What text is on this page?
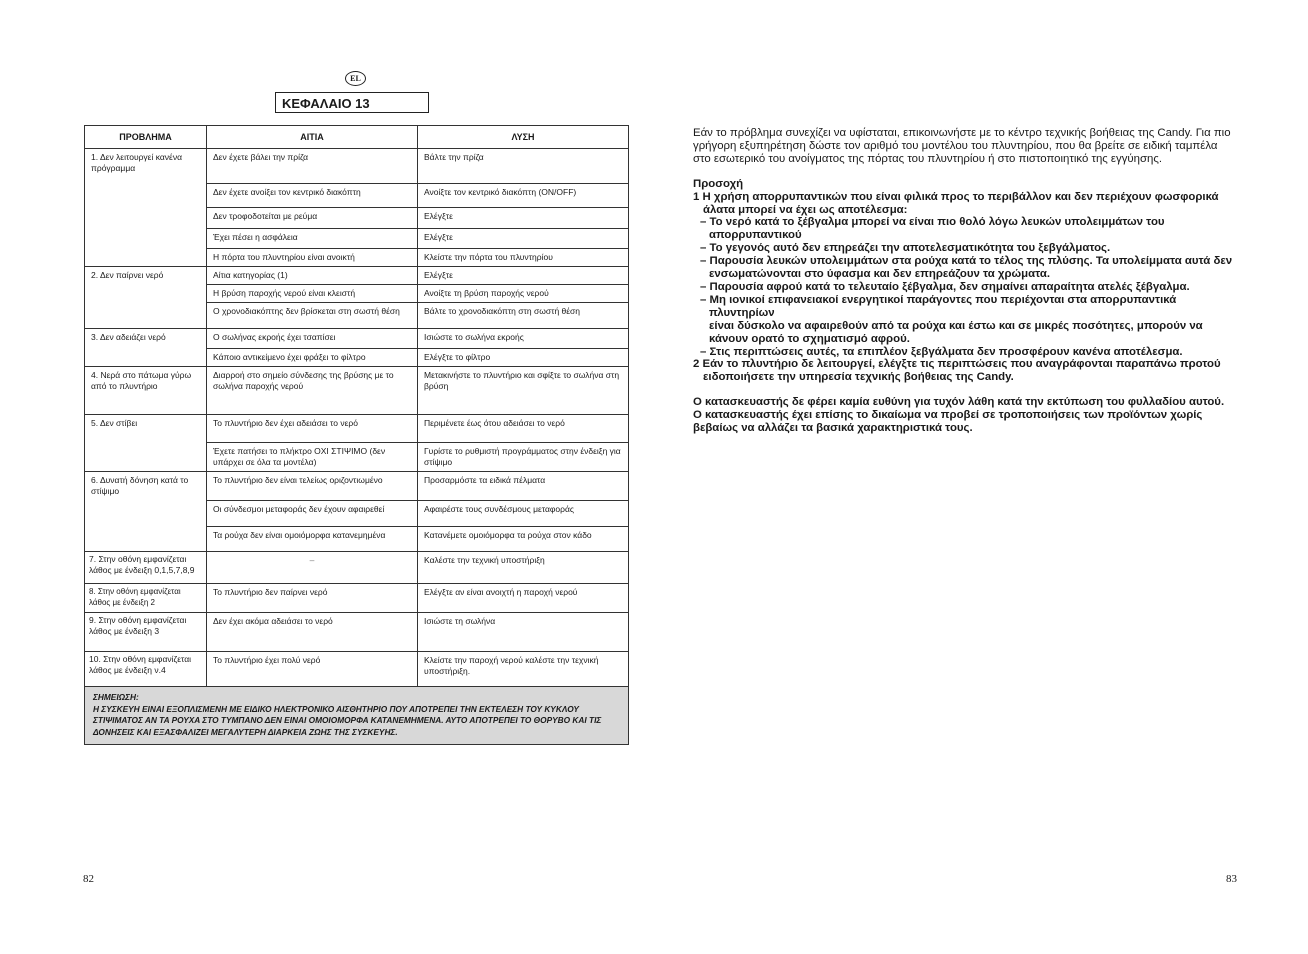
EL
ΚΕΦΑΛΑΙΟ 13
ΠΡΟΒΛΗΜΑ	ΑΙΤΙΑ	ΛΥΣΗ
1. Δεν λειτουργεί κανένα πρόγραμμα	Δεν έχετε βάλει την πρίζα	Βάλτε την πρίζα
	Δεν έχετε ανοίξει τον κεντρικό διακόπτη	Ανοίξτε τον κεντρικό διακόπτη (ON/OFF)
	Δεν τροφοδοτείται με ρεύμα	Ελέγξτε
	Έχει πέσει η ασφάλεια	Ελέγξτε
	Η πόρτα του πλυντηρίου είναι ανοικτή	Κλείστε την πόρτα του πλυντηρίου
2. Δεν παίρνει νερό	Αίτια κατηγορίας (1)	Ελέγξτε
	Η βρύση παροχής νερού είναι κλειστή	Ανοίξτε τη βρύση παροχής νερού
	Ο χρονοδιακόπτης δεν βρίσκεται στη σωστή θέση	Βάλτε το χρονοδιακόπτη στη σωστή θέση
3. Δεν αδειάζει νερό	Ο σωλήνας εκροής έχει τσαπίσει	Ισιώστε το σωλήνα εκροής
	Κάποιο αντικείμενο έχει φράξει το φίλτρο	Ελέγξτε το φίλτρο
4. Νερά στο πάτωμα γύρω από το πλυντήριο	Διαρροή στο σημείο σύνδεσης της βρύσης με το σωλήνα παροχής νερού	Μετακινήστε το πλυντήριο και σφίξτε το σωλήνα στη βρύση
5. Δεν στίβει	Το πλυντήριο δεν έχει αδειάσει το νερό	Περιμένετε έως ότου αδειάσει το νερό
	Έχετε πατήσει το πλήκτρο ΟΧΙ ΣΤΙΨΙΜΟ (δεν υπάρχει σε όλα τα μοντέλα)	Γυρίστε το ρυθμιστή προγράμματος στην ένδειξη για στίψιμο
6. Δυνατή δόνηση κατά το στίψιμο	Το πλυντήριο δεν είναι τελείως οριζοντιωμένο	Προσαρμόστε τα ειδικά πέλματα
	Οι σύνδεσμοι μεταφοράς δεν έχουν αφαιρεθεί	Αφαιρέστε τους συνδέσμους μεταφοράς
	Τα ρούχα δεν είναι ομοιόμορφα κατανεμημένα	Κατανέμετε ομοιόμορφα τα ρούχα στον κάδο
7. Στην οθόνη εμφανίζεται λάθος με ένδειξη 0,1,5,7,8,9	–	Καλέστε την τεχνική υποστήριξη
8. Στην οθόνη εμφανίζεται λάθος με ένδειξη 2	Το πλυντήριο δεν παίρνει νερό	Ελέγξτε αν είναι ανοιχτή η παροχή νερού
9. Στην οθόνη εμφανίζεται λάθος με ένδειξη 3	Δεν έχει ακόμα αδειάσει το νερό	Ισιώστε τη σωλήνα
10. Στην οθόνη εμφανίζεται λάθος με ένδειξη ν.4	Το πλυντήριο έχει πολύ νερό	Κλείστε την παροχή νερού καλέστε την τεχνική υποστήριξη.

ΣΗΜΕΙΩΣΗ:
Η ΣΥΣΚΕΥΗ ΕΙΝΑΙ ΕΞΟΠΛΙΣΜΕΝΗ ΜΕ ΕΙΔΙΚΟ ΗΛΕΚΤΡΟΝΙΚΟ ΑΙΣΘΗΤΗΡΙΟ ΠΟΥ ΑΠΟΤΡΕΠΕΙ ΤΗΝ ΕΚΤΕΛΕΣΗ ΤΟΥ ΚΥΚΛΟΥ ΣΤΙΨΙΜΑΤΟΣ ΑΝ ΤΑ ΡΟΥΧΑ ΣΤΟ ΤΥΜΠΑΝΟ ΔΕΝ ΕΙΝΑΙ ΟΜΟΙΟΜΟΡΦΑ ΚΑΤΑΝΕΜΗΜΕΝΑ. ΑΥΤΟ ΑΠΟΤΡΕΠΕΙ ΤΟ ΘΟΡΥΒΟ ΚΑΙ ΤΙΣ ΔΟΝΗΣΕΙΣ ΚΑΙ ΕΞΑΣΦΑΛΙΖΕΙ ΜΕΓΑΛΥΤΕΡΗ ΔΙΑΡΚΕΙΑ ΖΩΗΣ ΤΗΣ ΣΥΣΚΕΥΗΣ.		
82

Εάν το πρόβλημα συνεχίζει να υφίσταται, επικοινωνήστε με το κέντρο τεχνικής βοήθειας της Candy. Για πιο γρήγορη εξυπηρέτηση δώστε τον αριθμό του μοντέλου του πλυντηρίου, που θα βρείτε σε ειδική ταμπέλα στο εσωτερικό του ανοίγματος της πόρτας του πλυντηρίου ή στο πιστοποιητικό της εγγύησης.

Προσοχή

1 Η χρήση απορρυπαντικών που είναι φιλικά προς το περιβάλλον και δεν περιέχουν φωσφορικά άλατα μπορεί να έχει ως αποτέλεσμα:

– Το νερό κατά το ξέβγαλμα μπορεί να είναι πιο θολό λόγω λευκών υπολειμμάτων του απορρυπαντικού

– Το γεγονός αυτό δεν επηρεάζει την αποτελεσματικότητα του ξεβγάλματος.

– Παρουσία λευκών υπολειμμάτων στα ρούχα κατά το τέλος της πλύσης. Τα υπολείμματα αυτά δεν ενσωματώνονται στο ύφασμα και δεν επηρεάζουν τα χρώματα.

– Παρουσία αφρού κατά το τελευταίο ξέβγαλμα, δεν σημαίνει απαραίτητα ατελές ξέβγαλμα.

– Μη ιονικοί επιφανειακοί ενεργητικοί παράγοντες που περιέχονται στα απορρυπαντικά πλυντηρίων

είναι δύσκολο να αφαιρεθούν από τα ρούχα και έστω και σε μικρές ποσότητες, μπορούν να κάνουν ορατό το σχηματισμό αφρού.

– Στις περιπτώσεις αυτές, τα επιπλέον ξεβγάλματα δεν προσφέρουν κανένα αποτέλεσμα.

2 Εάν το πλυντήριο δε λειτουργεί, ελέγξτε τις περιπτώσεις που αναγράφονται παραπάνω προτού ειδοποιήσετε την υπηρεσία τεχνικής βοήθειας της Candy.

Ο κατασκευαστής δε φέρει καμία ευθύνη για τυχόν λάθη κατά την εκτύπωση του φυλλαδίου αυτού. Ο κατασκευαστής έχει επίσης το δικαίωμα να προβεί σε τροποποιήσεις των προϊόντων χωρίς βεβαίως να αλλάζει τα βασικά χαρακτηριστικά τους.

83
